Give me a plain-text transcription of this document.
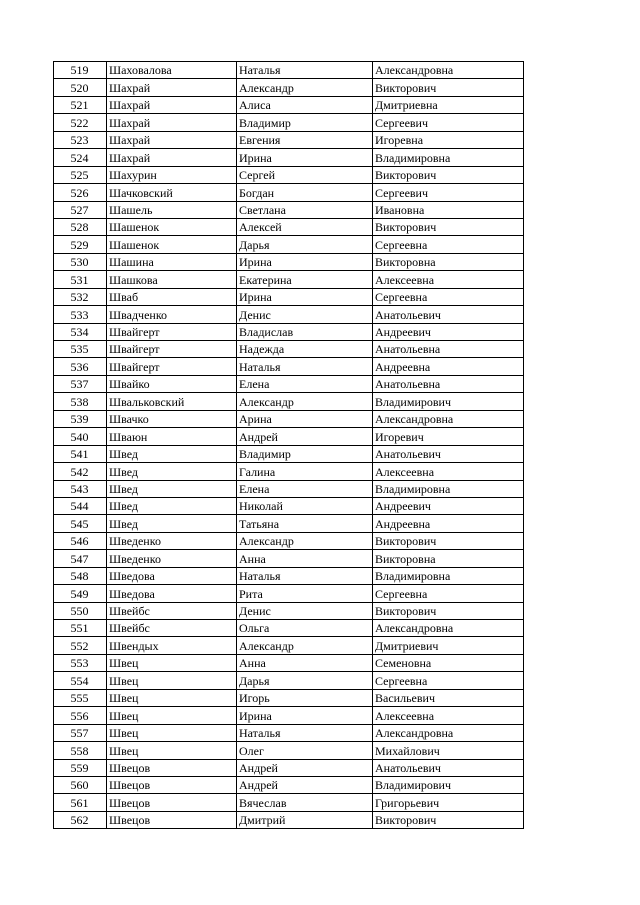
519	Шаховалова	Наталья	Александровна
520	Шахрай	Александр	Викторович
521	Шахрай	Алиса	Дмитриевна
522	Шахрай	Владимир	Сергеевич
523	Шахрай	Евгения	Игоревна
524	Шахрай	Ирина	Владимировна
525	Шахурин	Сергей	Викторович
526	Шачковский	Богдан	Сергеевич
527	Шашель	Светлана	Ивановна
528	Шашенок	Алексей	Викторович
529	Шашенок	Дарья	Сергеевна
530	Шашина	Ирина	Викторовна
531	Шашкова	Екатерина	Алексеевна
532	Шваб	Ирина	Сергеевна
533	Швадченко	Денис	Анатольевич
534	Швайгерт	Владислав	Андреевич
535	Швайгерт	Надежда	Анатольевна
536	Швайгерт	Наталья	Андреевна
537	Швайко	Елена	Анатольевна
538	Швальковский	Александр	Владимирович
539	Швачко	Арина	Александровна
540	Шваюн	Андрей	Игоревич
541	Швед	Владимир	Анатольевич
542	Швед	Галина	Алексеевна
543	Швед	Елена	Владимировна
544	Швед	Николай	Андреевич
545	Швед	Татьяна	Андреевна
546	Шведенко	Александр	Викторович
547	Шведенко	Анна	Викторовна
548	Шведова	Наталья	Владимировна
549	Шведова	Рита	Сергеевна
550	Швейбс	Денис	Викторович
551	Швейбс	Ольга	Александровна
552	Швендых	Александр	Дмитриевич
553	Швец	Анна	Семеновна
554	Швец	Дарья	Сергеевна
555	Швец	Игорь	Васильевич
556	Швец	Ирина	Алексеевна
557	Швец	Наталья	Александровна
558	Швец	Олег	Михайлович
559	Швецов	Андрей	Анатольевич
560	Швецов	Андрей	Владимирович
561	Швецов	Вячеслав	Григорьевич
562	Швецов	Дмитрий	Викторович
